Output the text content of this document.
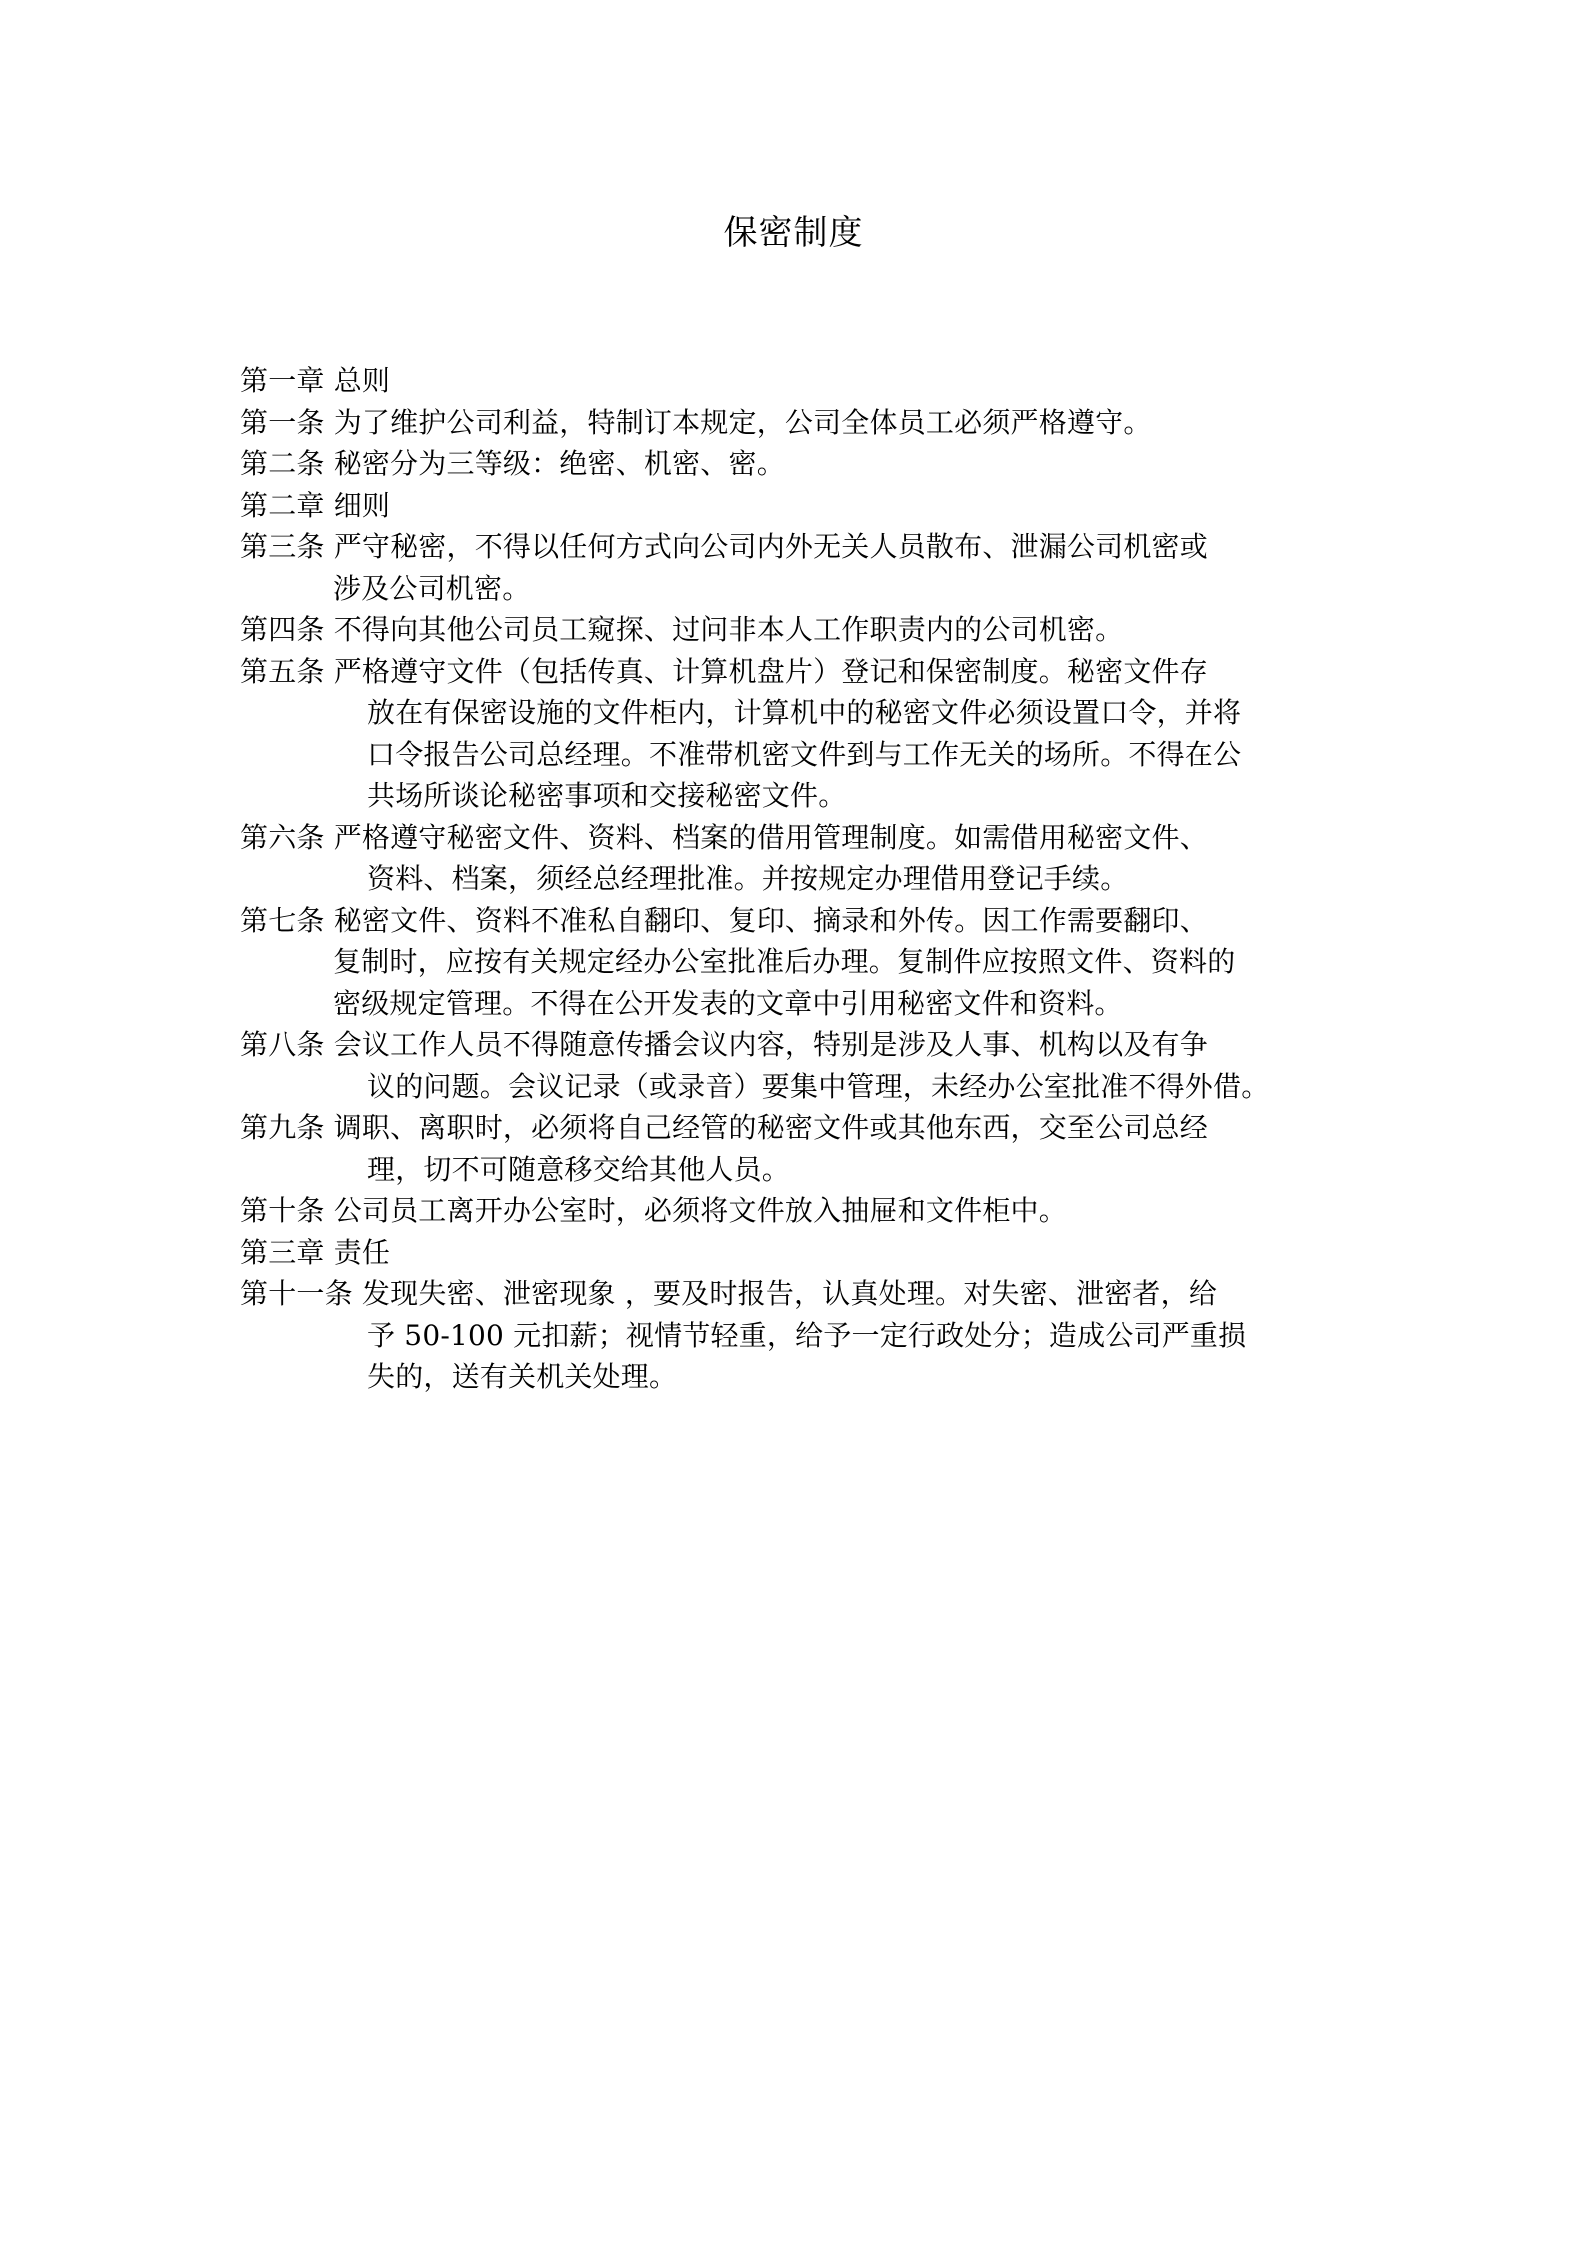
保密制度
第一章 总则
第一条 为了维护公司利益，特制订本规定，公司全体员工必须严格遵守。
第二条 秘密分为三等级：绝密、机密、密。
第二章 细则
第三条 严守秘密，不得以任何方式向公司内外无关人员散布、泄漏公司机密或
涉及公司机密。
第四条 不得向其他公司员工窥探、过问非本人工作职责内的公司机密。
第五条 严格遵守文件（包括传真、计算机盘片）登记和保密制度。秘密文件存
放在有保密设施的文件柜内，计算机中的秘密文件必须设置口令，并将
口令报告公司总经理。不准带机密文件到与工作无关的场所。不得在公
共场所谈论秘密事项和交接秘密文件。
第六条 严格遵守秘密文件、资料、档案的借用管理制度。如需借用秘密文件、
资料、档案，须经总经理批准。并按规定办理借用登记手续。
第七条 秘密文件、资料不准私自翻印、复印、摘录和外传。因工作需要翻印、
复制时，应按有关规定经办公室批准后办理。复制件应按照文件、资料的
密级规定管理。不得在公开发表的文章中引用秘密文件和资料。
第八条 会议工作人员不得随意传播会议内容，特别是涉及人事、机构以及有争
议的问题。会议记录（或录音）要集中管理，未经办公室批准不得外借。
第九条 调职、离职时，必须将自己经管的秘密文件或其他东西，交至公司总经
理，切不可随意移交给其他人员。
第十条 公司员工离开办公室时，必须将文件放入抽屉和文件柜中。
第三章 责任
第十一条 发现失密、泄密现象 ，要及时报告，认真处理。对失密、泄密者，给
予 50-100 元扣薪；视情节轻重，给予一定行政处分；造成公司严重损
失的，送有关机关处理。
